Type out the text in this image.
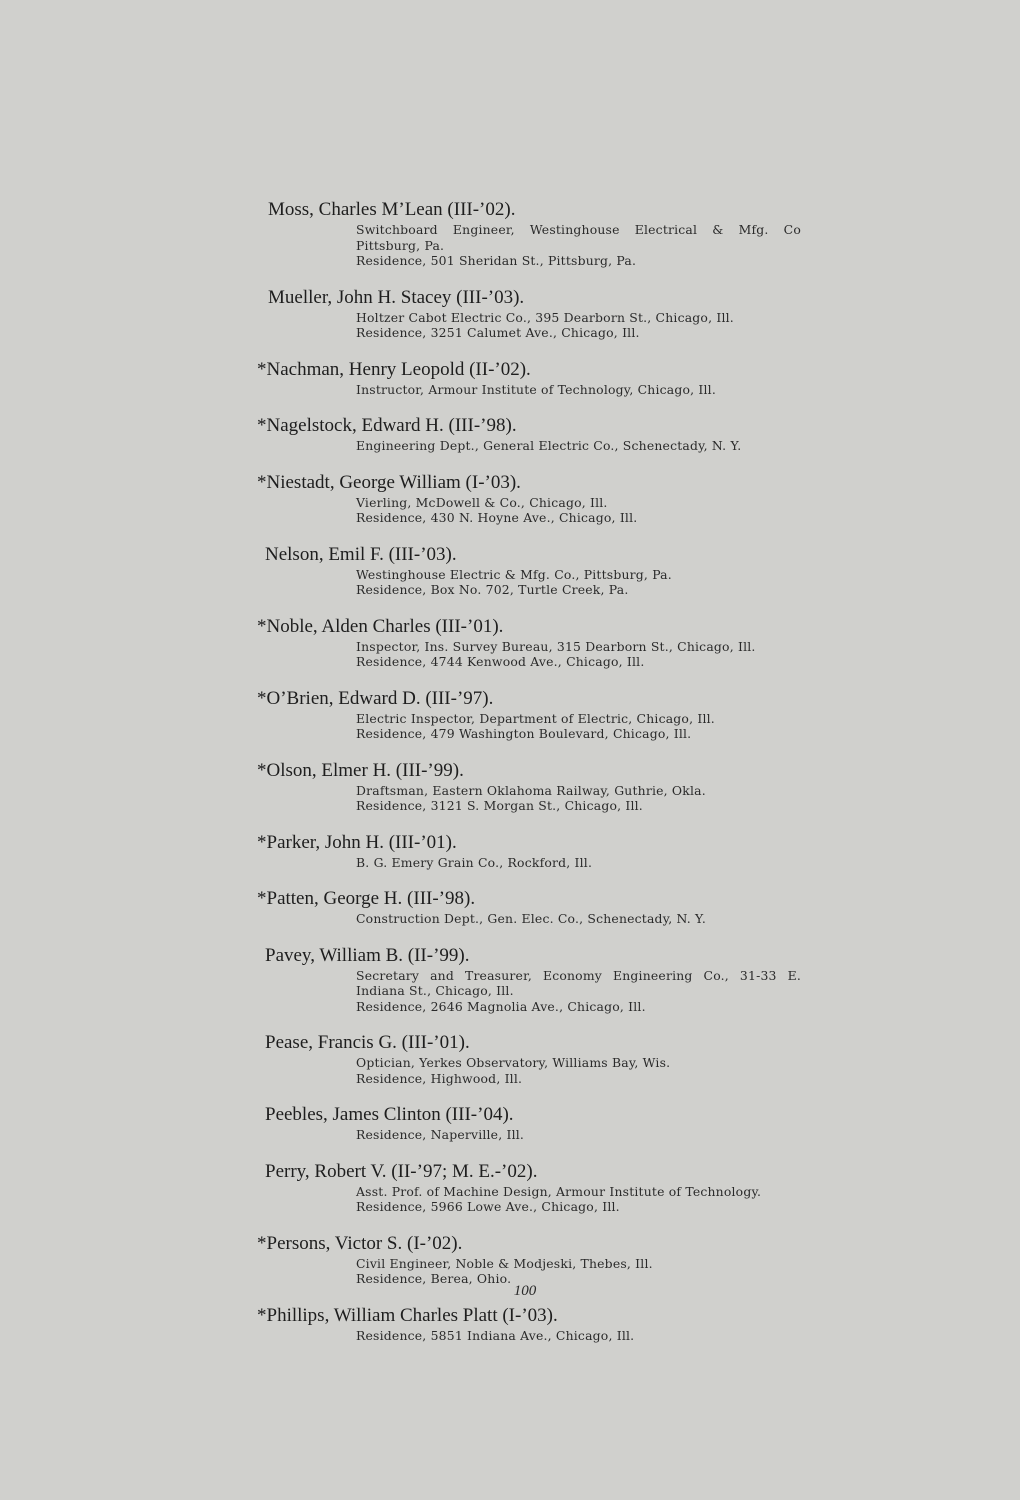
Moss, Charles M’Lean (III-’02).
Switchboard Engineer, Westinghouse Electrical & Mfg. Co Pittsburg, Pa.
Residence, 501 Sheridan St., Pittsburg, Pa.
Mueller, John H. Stacey (III-’03).
Holtzer Cabot Electric Co., 395 Dearborn St., Chicago, Ill.
Residence, 3251 Calumet Ave., Chicago, Ill.
*Nachman, Henry Leopold (II-’02).
Instructor, Armour Institute of Technology, Chicago, Ill.
*Nagelstock, Edward H. (III-’98).
Engineering Dept., General Electric Co., Schenectady, N. Y.
*Niestadt, George William (I-’03).
Vierling, McDowell & Co., Chicago, Ill.
Residence, 430 N. Hoyne Ave., Chicago, Ill.
Nelson, Emil F. (III-’03).
Westinghouse Electric & Mfg. Co., Pittsburg, Pa.
Residence, Box No. 702, Turtle Creek, Pa.
*Noble, Alden Charles (III-’01).
Inspector, Ins. Survey Bureau, 315 Dearborn St., Chicago, Ill.
Residence, 4744 Kenwood Ave., Chicago, Ill.
*O’Brien, Edward D. (III-’97).
Electric Inspector, Department of Electric, Chicago, Ill.
Residence, 479 Washington Boulevard, Chicago, Ill.
*Olson, Elmer H. (III-’99).
Draftsman, Eastern Oklahoma Railway, Guthrie, Okla.
Residence, 3121 S. Morgan St., Chicago, Ill.
*Parker, John H. (III-’01).
B. G. Emery Grain Co., Rockford, Ill.
*Patten, George H. (III-’98).
Construction Dept., Gen. Elec. Co., Schenectady, N. Y.
Pavey, William B. (II-’99).
Secretary and Treasurer, Economy Engineering Co., 31-33 E. Indiana St., Chicago, Ill.
Residence, 2646 Magnolia Ave., Chicago, Ill.
Pease, Francis G. (III-’01).
Optician, Yerkes Observatory, Williams Bay, Wis.
Residence, Highwood, Ill.
Peebles, James Clinton (III-’04).
Residence, Naperville, Ill.
Perry, Robert V. (II-’97; M. E.-’02).
Asst. Prof. of Machine Design, Armour Institute of Technology.
Residence, 5966 Lowe Ave., Chicago, Ill.
*Persons, Victor S. (I-’02).
Civil Engineer, Noble & Modjeski, Thebes, Ill.
Residence, Berea, Ohio.
*Phillips, William Charles Platt (I-’03).
Residence, 5851 Indiana Ave., Chicago, Ill.
100
